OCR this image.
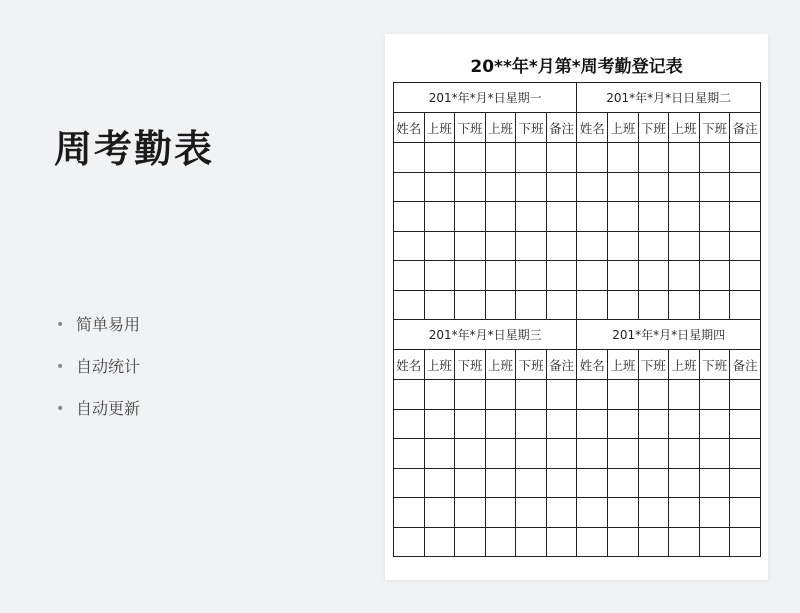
周考勤表
• 简单易用
• 自动统计
• 自动更新
20**年*月第*周考勤登记表
201*年*月*日星期一						201*年*月*日日星期二					
姓名	上班	下班	上班	下班	备注	姓名	上班	下班	上班	下班	备注

201*年*月*日星期三						201*年*月*日星期四					
姓名	上班	下班	上班	下班	备注	姓名	上班	下班	上班	下班	备注
